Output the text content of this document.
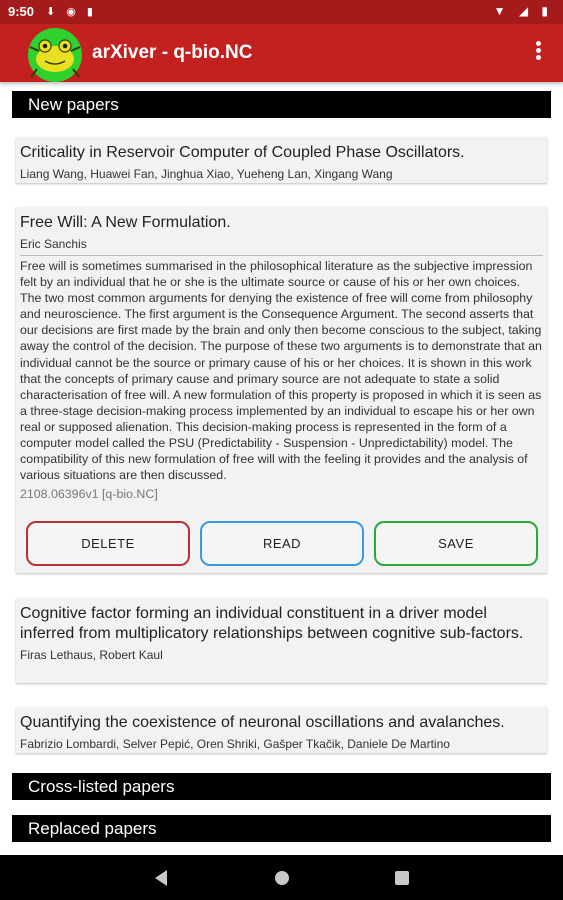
9:50 ⬇ ◉ ▮	▼ ◢ ▮
arXiver - q-bio.NC
New papers
Criticality in Reservoir Computer of Coupled Phase Oscillators.
Liang Wang, Huawei Fan, Jinghua Xiao, Yueheng Lan, Xingang Wang
Free Will: A New Formulation.
Eric Sanchis
Free will is sometimes summarised in the philosophical literature as the subjective impression felt by an individual that he or she is the ultimate source or cause of his or her own choices. The two most common arguments for denying the existence of free will come from philosophy and neuroscience. The first argument is the Consequence Argument. The second asserts that our decisions are first made by the brain and only then become conscious to the subject, taking away the control of the decision. The purpose of these two arguments is to demonstrate that an individual cannot be the source or primary cause of his or her choices. It is shown in this work that the concepts of primary cause and primary source are not adequate to state a solid characterisation of free will. A new formulation of this property is proposed in which it is seen as a three-stage decision-making process implemented by an individual to escape his or her own real or supposed alienation. This decision-making process is represented in the form of a computer model called the PSU (Predictability - Suspension - Unpredictability) model. The compatibility of this new formulation of free will with the feeling it provides and the analysis of various situations are then discussed.
2108.06396v1 [q-bio.NC]
DELETE	READ	SAVE
Cognitive factor forming an individual constituent in a driver model inferred from multiplicatory relationships between cognitive sub-factors.
Firas Lethaus, Robert Kaul
Quantifying the coexistence of neuronal oscillations and avalanches.
Fabrizio Lombardi, Selver Pepić, Oren Shriki, Gašper Tkačik, Daniele De Martino
Cross-listed papers
Replaced papers
